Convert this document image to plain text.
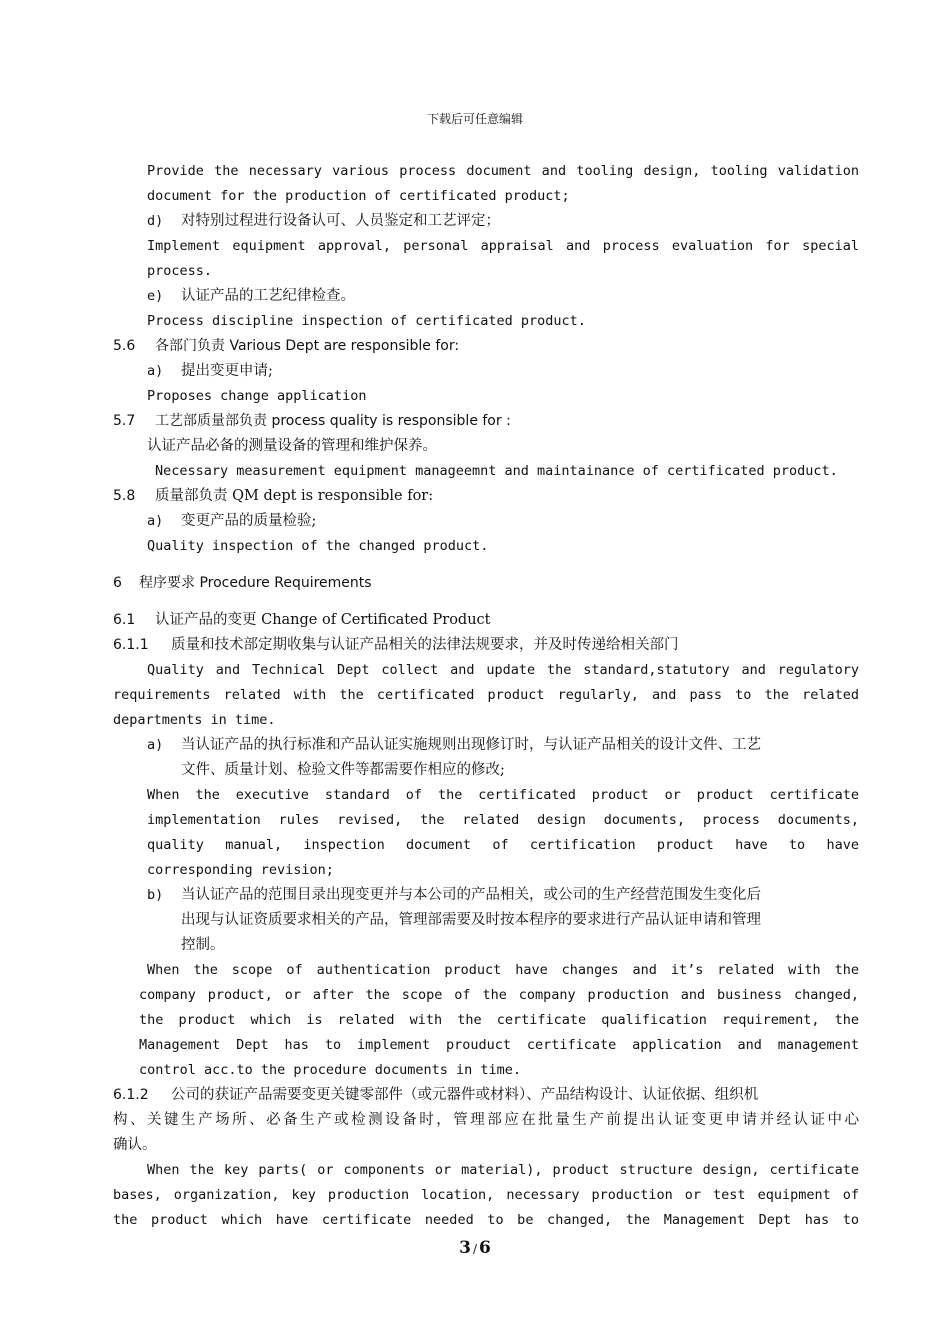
下载后可任意编辑
Provide the necessary various process document and tooling design, tooling validation
document for the production of certificated product;
d) 对特别过程进行设备认可、人员鉴定和工艺评定；
Implement equipment approval, personal appraisal and process evaluation for special
process.
e) 认证产品的工艺纪律检查。
Process discipline inspection of certificated product.
5.6 各部门负责 Various Dept are responsible for:
a) 提出变更申请;
Proposes change application
5.7 工艺部质量部负责 process quality is responsible for :
认证产品必备的测量设备的管理和维护保养。
Necessary measurement equipment manageemnt and maintainance of certificated product.
5.8 质量部负责 QM dept is responsible for:
a) 变更产品的质量检验;
Quality inspection of the changed product.
6 程序要求 Procedure Requirements
6.1 认证产品的变更 Change of Certificated Product
6.1.1 质量和技术部定期收集与认证产品相关的法律法规要求，并及时传递给相关部门
Quality and Technical Dept collect and update the standard,statutory and regulatory
requirements related with the certificated product regularly, and pass to the related
departments in time.
a) 当认证产品的执行标准和产品认证实施规则出现修订时，与认证产品相关的设计文件、工艺
文件、质量计划、检验文件等都需要作相应的修改;
When the executive standard of the certificated product or product certificate
implementation rules revised, the related design documents, process documents,
quality manual, inspection document of certification product have to have
corresponding revision;
b) 当认证产品的范围目录出现变更并与本公司的产品相关，或公司的生产经营范围发生变化后
出现与认证资质要求相关的产品，管理部需要及时按本程序的要求进行产品认证申请和管理
控制。
When the scope of authentication product have changes and it’s related with the
company product, or after the scope of the company production and business changed,
the product which is related with the certificate qualification requirement, the
Management Dept has to implement prouduct certificate application and management
control acc.to the procedure documents in time.
6.1.2 公司的获证产品需要变更关键零部件（或元器件或材料）、产品结构设计、认证依据、组织机
构、关键生产场所、必备生产或检测设备时，管理部应在批量生产前提出认证变更申请并经认证中心
确认。
When the key parts( or components or material), product structure design, certificate
bases, organization, key production location, necessary production or test equipment of
the product which have certificate needed to be changed, the Management Dept has to
3 / 6
